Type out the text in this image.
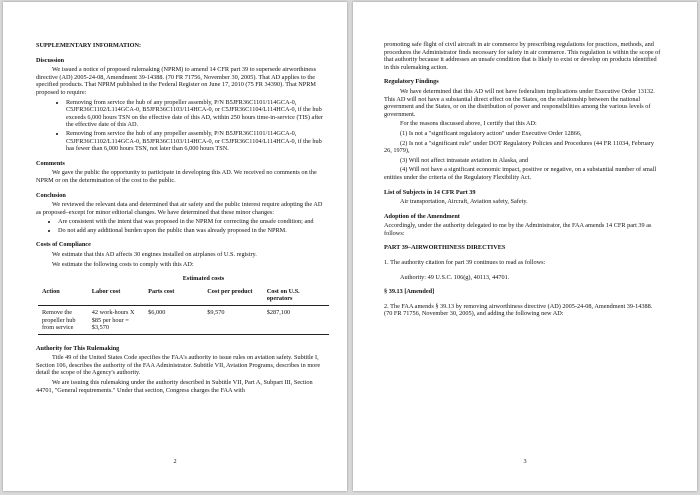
SUPPLEMENTARY INFORMATION:

Discussion

We issued a notice of proposed rulemaking (NPRM) to amend 14 CFR part 39 to supersede airworthiness directive (AD) 2005-24-08, Amendment 39-14388. (70 FR 71756, November 30, 2005). That AD applies to the specified products. That NPRM published in the Federal Register on June 17, 2010 (75 FR 34390). That NPRM proposed to require:

• Removing from service the hub of any propeller assembly, P/N B5JFR36C1101/114GCA-0, C5JFR36C1102/L114GCA-0, B5JFR36C1103/114HCA-0, or C5JFR36C1104/L114HCA-0, if the hub exceeds 6,000 hours TSN on the effective date of this AD, within 250 hours time-in-service (TIS) after the effective date of this AD.
• Removing from service the hub of any propeller assembly, P/N B5JFR36C1101/114GCA-0, C5JFR36C1102/L114GCA-0, B5JFR36C1103/114HCA-0, or C5JFR36C1104/L114HCA-0, if the hub has fewer than 6,000 hours TSN, not later than 6,000 hours TSN.

Comments

We gave the public the opportunity to participate in developing this AD. We received no comments on the NPRM or on the determination of the cost to the public.

Conclusion

We reviewed the relevant data and determined that air safety and the public interest require adopting the AD as proposed–except for minor editorial changes. We have determined that these minor changes:

• Are consistent with the intent that was proposed in the NPRM for correcting the unsafe condition; and
• Do not add any additional burden upon the public than was already proposed in the NPRM.

Costs of Compliance

We estimate that this AD affects 30 engines installed on airplanes of U.S. registry.

We estimate the following costs to comply with this AD:

Estimated costs
Action	Labor cost	Parts cost	Cost per product	Cost on U.S. operators
Remove the propeller hub from service	42 work-hours X $85 per hour = $3,570	$6,000	$9,570	$287,100

Authority for This Rulemaking

Title 49 of the United States Code specifies the FAA's authority to issue rules on aviation safety. Subtitle I, Section 106, describes the authority of the FAA Administrator. Subtitle VII, Aviation Programs, describes in more detail the scope of the Agency's authority.

We are issuing this rulemaking under the authority described in Subtitle VII, Part A, Subpart III, Section 44701, "General requirements." Under that section, Congress charges the FAA with

2

promoting safe flight of civil aircraft in air commerce by prescribing regulations for practices, methods, and procedures the Administrator finds necessary for safety in air commerce. This regulation is within the scope of that authority because it addresses an unsafe condition that is likely to exist or develop on products identified in this rulemaking action.

Regulatory Findings

We have determined that this AD will not have federalism implications under Executive Order 13132. This AD will not have a substantial direct effect on the States, on the relationship between the national government and the States, or on the distribution of power and responsibilities among the various levels of government.

For the reasons discussed above, I certify that this AD:

(1) Is not a "significant regulatory action" under Executive Order 12866,

(2) Is not a "significant rule" under DOT Regulatory Policies and Procedures (44 FR 11034, February 26, 1979),

(3) Will not affect intrastate aviation in Alaska, and

(4) Will not have a significant economic impact, positive or negative, on a substantial number of small entities under the criteria of the Regulatory Flexibility Act.

List of Subjects in 14 CFR Part 39

Air transportation, Aircraft, Aviation safety, Safety.

Adoption of the Amendment

Accordingly, under the authority delegated to me by the Administrator, the FAA amends 14 CFR part 39 as follows:

PART 39–AIRWORTHINESS DIRECTIVES

1. The authority citation for part 39 continues to read as follows:

Authority: 49 U.S.C. 106(g), 40113, 44701.

§ 39.13 [Amended]

2. The FAA amends § 39.13 by removing airworthiness directive (AD) 2005-24-08, Amendment 39-14388. (70 FR 71756, November 30, 2005), and adding the following new AD:

3
